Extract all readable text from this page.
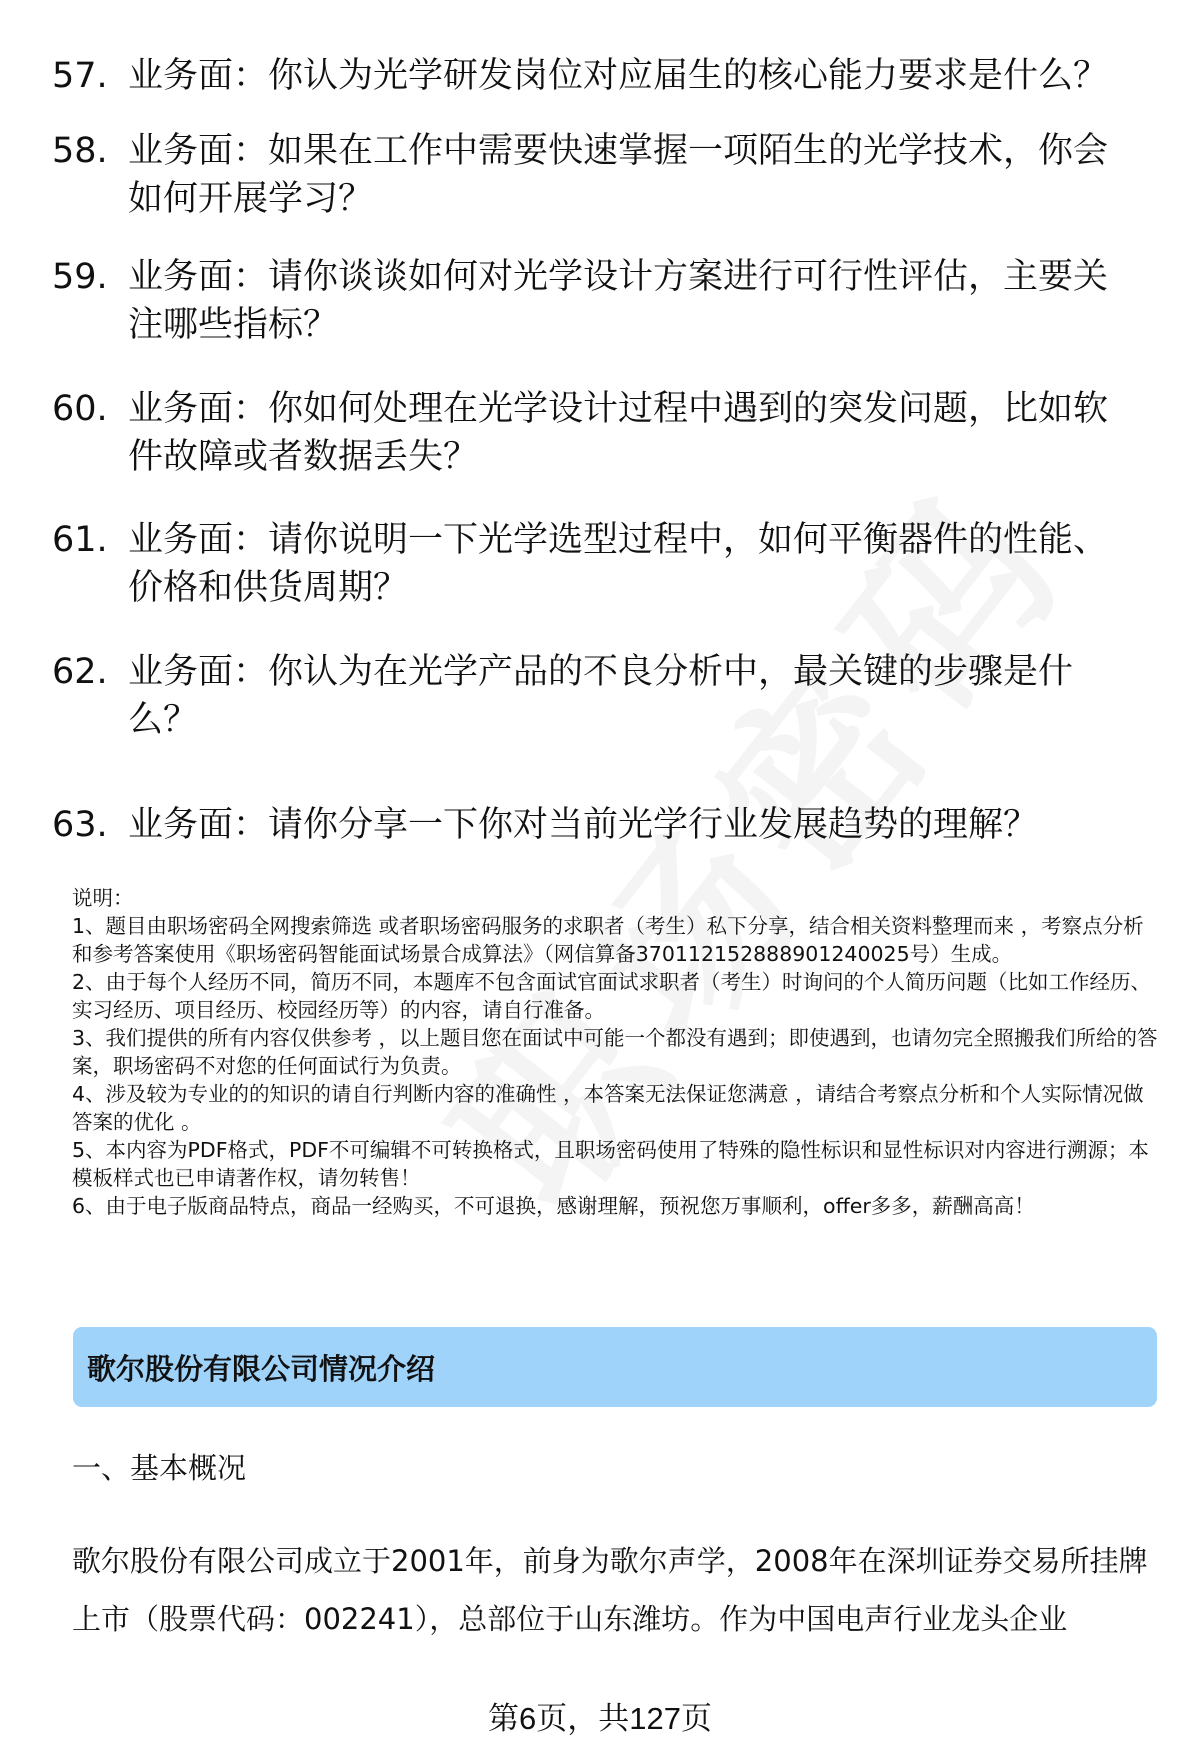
57. 业务面：你认为光学研发岗位对应届生的核心能力要求是什么？
58. 业务面：如果在工作中需要快速掌握一项陌生的光学技术，你会如何开展学习？
59. 业务面：请你谈谈如何对光学设计方案进行可行性评估，主要关注哪些指标？
60. 业务面：你如何处理在光学设计过程中遇到的突发问题，比如软件故障或者数据丢失？
61. 业务面：请你说明一下光学选型过程中，如何平衡器件的性能、价格和供货周期？
62. 业务面：你认为在光学产品的不良分析中，最关键的步骤是什么？
63. 业务面：请你分享一下你对当前光学行业发展趋势的理解？

说明：

1、题目由职场密码全网搜索筛选 或者职场密码服务的求职者（考生）私下分享，结合相关资料整理而来 ，考察点分析和参考答案使用《职场密码智能面试场景合成算法》（网信算备370112152888901240025号）生成。

2、由于每个人经历不同，简历不同，本题库不包含面试官面试求职者（考生）时询问的个人简历问题（比如工作经历、实习经历、项目经历、校园经历等）的内容，请自行准备。

3、我们提供的所有内容仅供参考 ，以上题目您在面试中可能一个都没有遇到；即使遇到，也请勿完全照搬我们所给的答案，职场密码不对您的任何面试行为负责。

4、涉及较为专业的的知识的请自行判断内容的准确性 ，本答案无法保证您满意 ，请结合考察点分析和个人实际情况做答案的优化 。

5、本内容为PDF格式，PDF不可编辑不可转换格式，且职场密码使用了特殊的隐性标识和显性标识对内容进行溯源；本模板样式也已申请著作权，请勿转售！

6、由于电子版商品特点，商品一经购买，不可退换，感谢理解，预祝您万事顺利，offer多多，薪酬高高！

歌尔股份有限公司情况介绍
一、基本概况

歌尔股份有限公司成立于2001年，前身为歌尔声学，2008年在深圳证券交易所挂牌上市（股票代码：002241），总部位于山东潍坊。作为中国电声行业龙头企业

第6页，共127页
